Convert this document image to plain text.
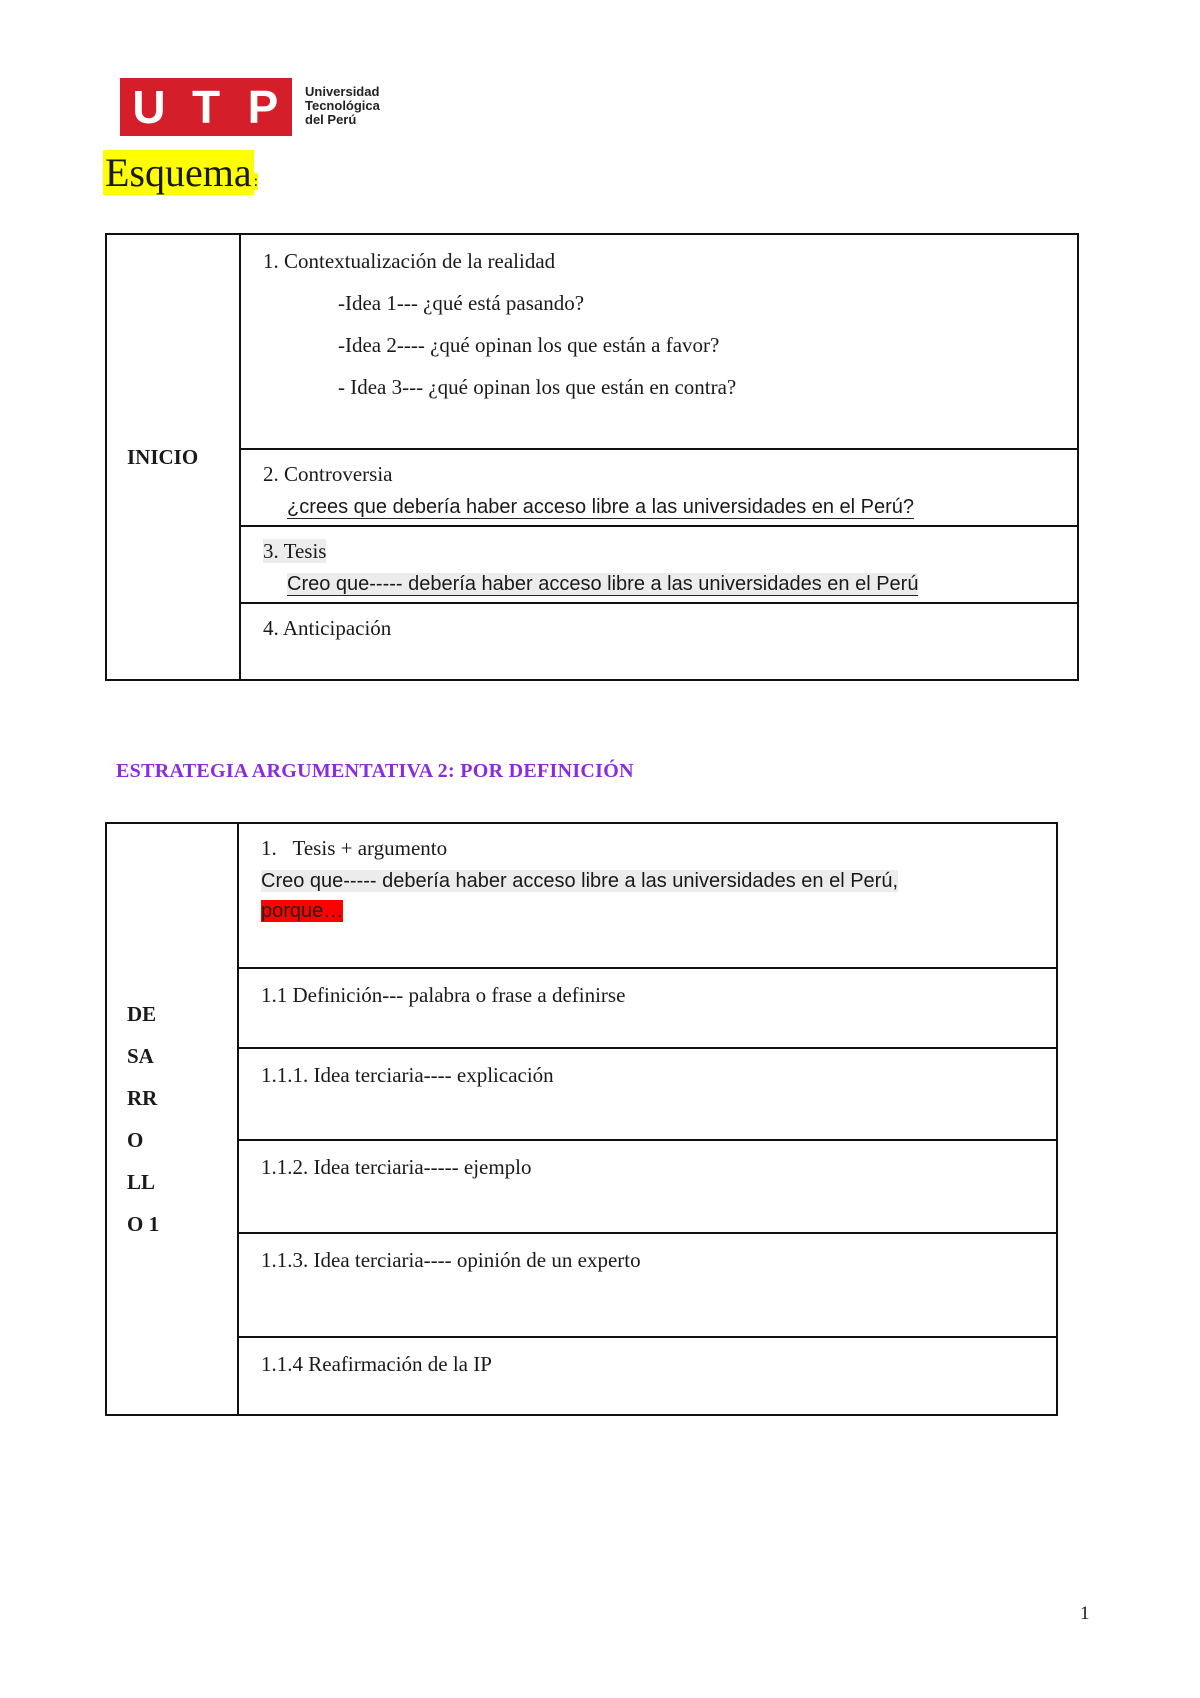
U T P	Universidad
Tecnológica
del Perú
Esquema :
INICIO	
1. Contextualización de la realidad
-Idea 1--- ¿qué está pasando?
-Idea 2---- ¿qué opinan los que están a favor?
- Idea 3--- ¿qué opinan los que están en contra?

2. Controversia
¿crees que debería haber acceso libre a las universidades en el Perú?

3. Tesis
Creo que----- debería haber acceso libre a las universidades en el Perú

4. Anticipación
ESTRATEGIA ARGUMENTATIVA 2: POR DEFINICIÓN
DE
SA
RR
O
LL
O 1

1. Tesis + argumento
Creo que----- debería haber acceso libre a las universidades en el Perú,
porque…

1.1 Definición--- palabra o frase a definirse

1.1.1. Idea terciaria---- explicación

1.1.2. Idea terciaria----- ejemplo

1.1.3. Idea terciaria---- opinión de un experto

1.1.4 Reafirmación de la IP
1
